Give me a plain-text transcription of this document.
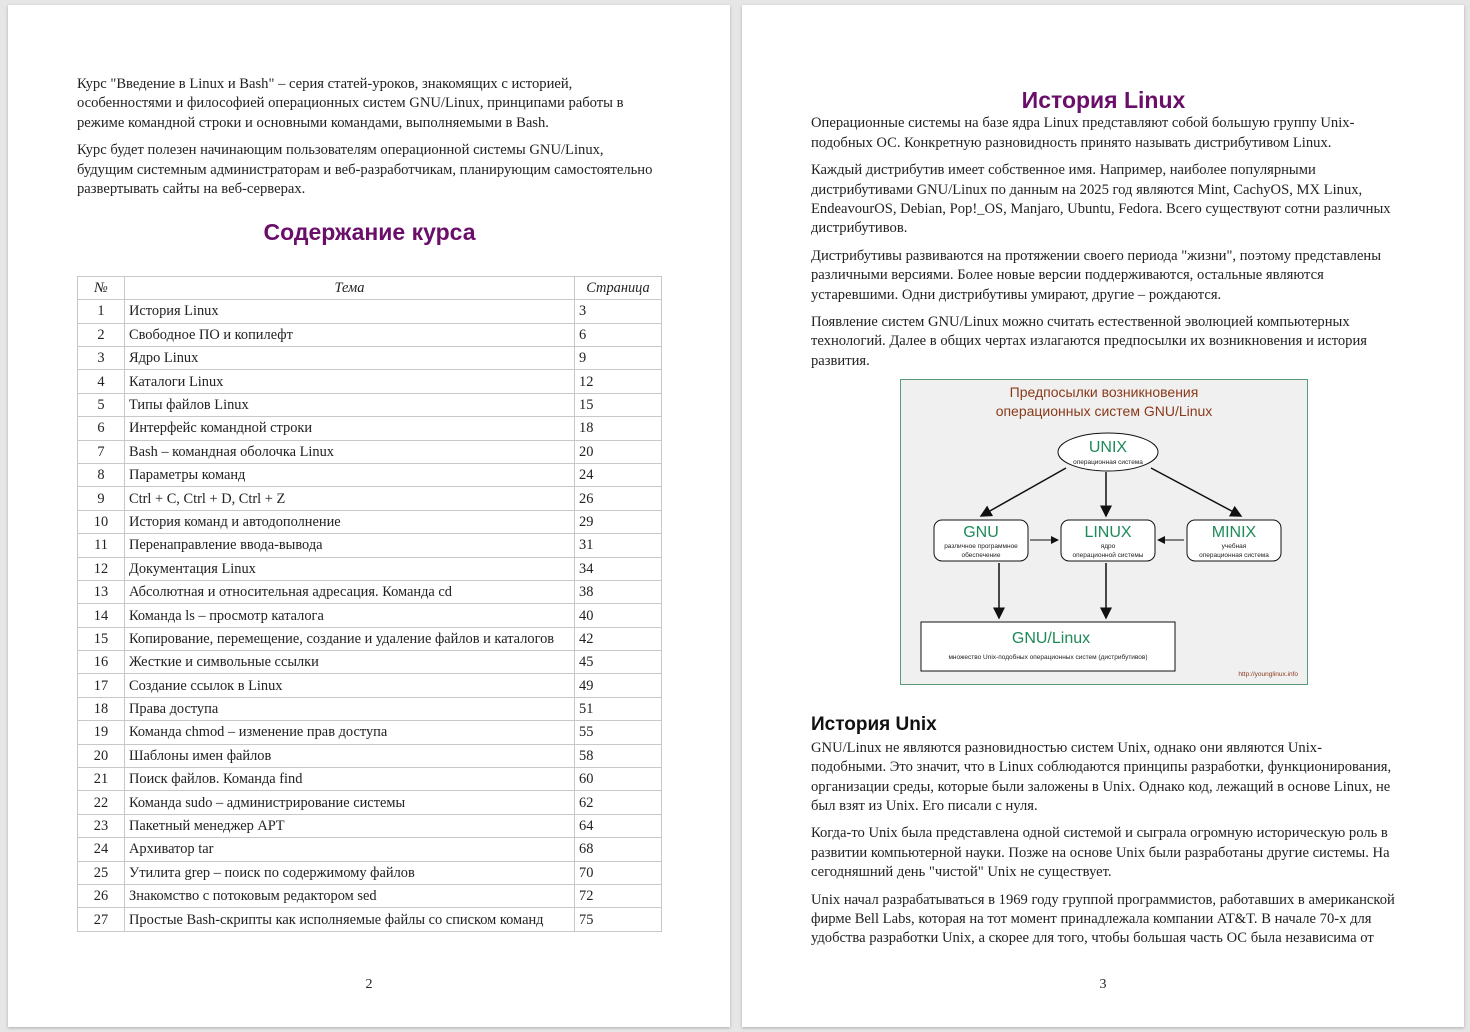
Курс "Введение в Linux и Bash" – серия статей-уроков, знакомящих с историей, особенностями и философией операционных систем GNU/Linux, принципами работы в режиме командной строки и основными командами, выполняемыми в Bash.

Курс будет полезен начинающим пользователям операционной системы GNU/Linux, будущим системным администраторам и веб-разработчикам, планирующим самостоятельно развертывать сайты на веб-серверах.

Содержание курса
№	Тема	Страница
1	История Linux	3
2	Свободное ПО и копилефт	6
3	Ядро Linux	9
4	Каталоги Linux	12
5	Типы файлов Linux	15
6	Интерфейс командной строки	18
7	Bash – командная оболочка Linux	20
8	Параметры команд	24
9	Ctrl + C, Ctrl + D, Ctrl + Z	26
10	История команд и автодополнение	29
11	Перенаправление ввода-вывода	31
12	Документация Linux	34
13	Абсолютная и относительная адресация. Команда cd	38
14	Команда ls – просмотр каталога	40
15	Копирование, перемещение, создание и удаление файлов и каталогов	42
16	Жесткие и символьные ссылки	45
17	Создание ссылок в Linux	49
18	Права доступа	51
19	Команда chmod – изменение прав доступа	55
20	Шаблоны имен файлов	58
21	Поиск файлов. Команда find	60
22	Команда sudo – администрирование системы	62
23	Пакетный менеджер APT	64
24	Архиватор tar	68
25	Утилита grep – поиск по содержимому файлов	70
26	Знакомство с потоковым редактором sed	72
27	Простые Bash-скрипты как исполняемые файлы со списком команд	75
2
История Linux

Операционные системы на базе ядра Linux представляют собой большую группу Unix-подобных ОС. Конкретную разновидность принято называть дистрибутивом Linux.

Каждый дистрибутив имеет собственное имя. Например, наиболее популярными дистрибутивами GNU/Linux по данным на 2025 год являются Mint, CachyOS, MX Linux, EndeavourOS, Debian, Pop!_OS, Manjaro, Ubuntu, Fedora. Всего существуют сотни различных дистрибутивов.

Дистрибутивы развиваются на протяжении своего периода "жизни", поэтому представлены различными версиями. Более новые версии поддерживаются, остальные являются устаревшими. Одни дистрибутивы умирают, другие – рождаются.

Появление систем GNU/Linux можно считать естественной эволюцией компьютерных технологий. Далее в общих чертах излагаются предпосылки их возникновения и история развития.

Предпосылки возникновения
операционных систем GNU/Linux
UNIX
операционная система
GNU
различное программное
обеспечение
LINUX
ядро
операционной системы
MINIX
учебная
операционная система
GNU/Linux
множество Unix-подобных операционных систем (дистрибутивов)
http://younglinux.info
История Unix

GNU/Linux не являются разновидностью систем Unix, однако они являются Unix-подобными. Это значит, что в Linux соблюдаются принципы разработки, функционирования, организации среды, которые были заложены в Unix. Однако код, лежащий в основе Linux, не был взят из Unix. Его писали с нуля.

Когда-то Unix была представлена одной системой и сыграла огромную историческую роль в развитии компьютерной науки. Позже на основе Unix были разработаны другие системы. На сегодняшний день "чистой" Unix не существует.

Unix начал разрабатываться в 1969 году группой программистов, работавших в американской фирме Bell Labs, которая на тот момент принадлежала компании AT&T. В начале 70-х для удобства разработки Unix, а скорее для того, чтобы большая часть ОС была независима от

3
